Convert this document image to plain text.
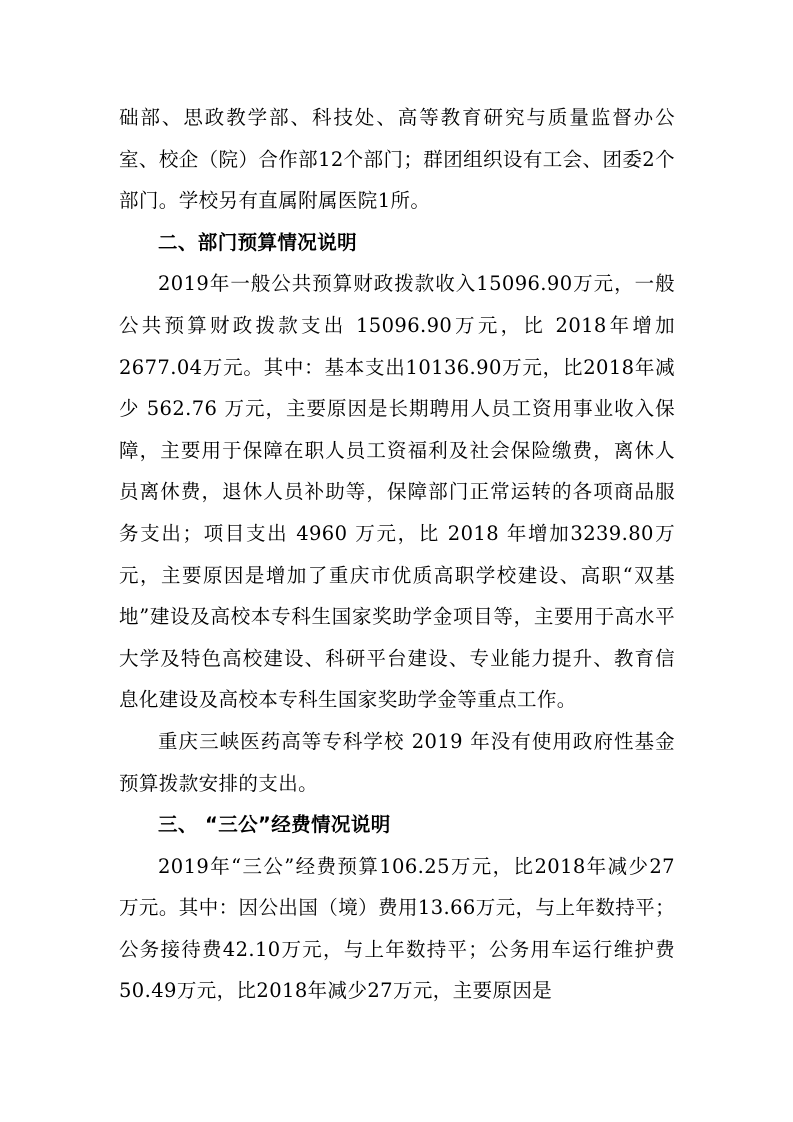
础部、思政教学部、科技处、高等教育研究与质量监督办公室、校企（院）合作部12个部门；群团组织设有工会、团委2个部门。学校另有直属附属医院1所。

二、部门预算情况说明

2019年一般公共预算财政拨款收入15096.90万元，一般公共预算财政拨款支出 15096.90万元，比 2018年增加2677.04万元。其中：基本支出10136.90万元，比2018年减少 562.76 万元，主要原因是长期聘用人员工资用事业收入保障，主要用于保障在职人员工资福利及社会保险缴费，离休人员离休费，退休人员补助等，保障部门正常运转的各项商品服务支出；项目支出 4960 万元，比 2018 年增加3239.80万元，主要原因是增加了重庆市优质高职学校建设、高职“双基地”建设及高校本专科生国家奖助学金项目等，主要用于高水平大学及特色高校建设、科研平台建设、专业能力提升、教育信息化建设及高校本专科生国家奖助学金等重点工作。

重庆三峡医药高等专科学校 2019 年没有使用政府性基金预算拨款安排的支出。

三、 “三公”经费情况说明

2019年“三公”经费预算106.25万元，比2018年减少27万元。其中：因公出国（境）费用13.66万元，与上年数持平；公务接待费42.10万元，与上年数持平；公务用车运行维护费50.49万元，比2018年减少27万元，主要原因是
